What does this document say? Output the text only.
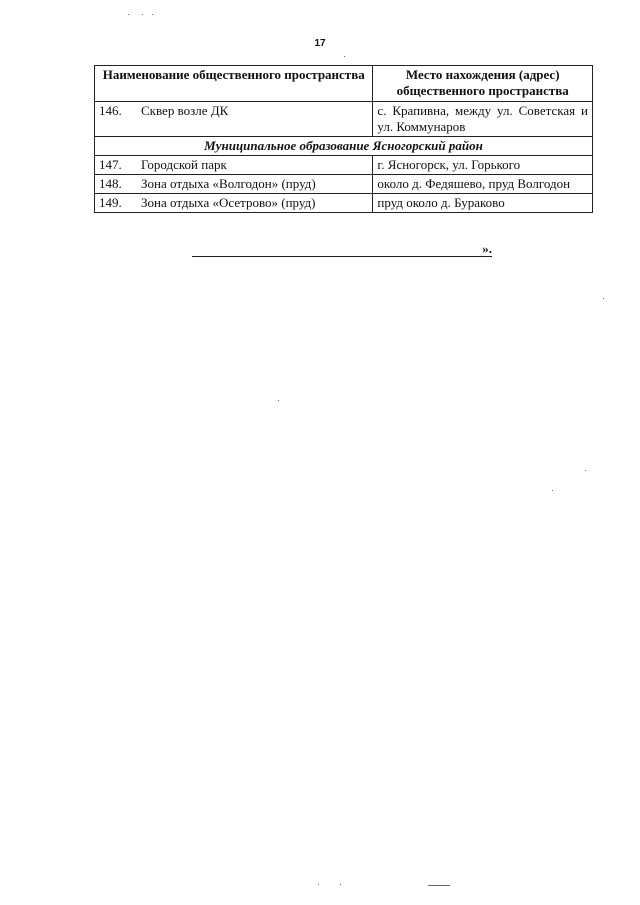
17
Наименование общественного пространства	Место нахождения (адрес) общественного пространства

146. Сквер возле ДК	с. Крапивна, между ул. Советская и ул. Коммунаров
Муниципальное образование Ясногорский район	

147. Городской парк	г. Ясногорск, ул. Горького

148. Зона отдыха «Волгодон» (пруд)	около д. Федяшево, пруд Волгодон

149. Зона отдыха «Осетрово» (пруд)	пруд около д. Бураково
».
